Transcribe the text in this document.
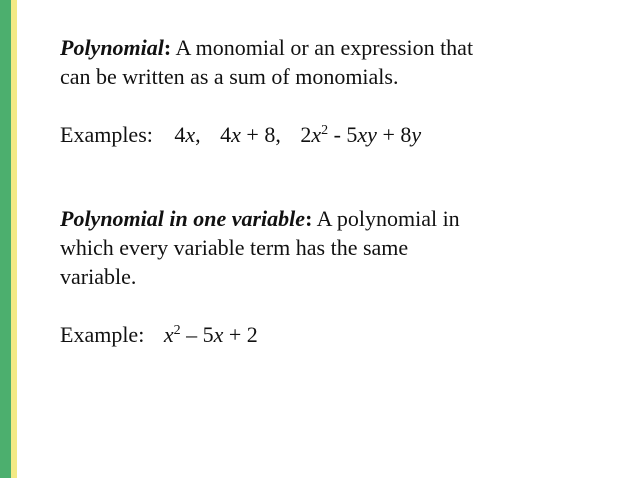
Polynomial: A monomial or an expression that
can be written as a sum of monomials.

Examples: 4x, 4x + 8, $2x^2 - 5xy + 8y$

Polynomial in one variable: A polynomial in
which every variable term has the same
variable.

Example: $x^2 - 5x + 2$
